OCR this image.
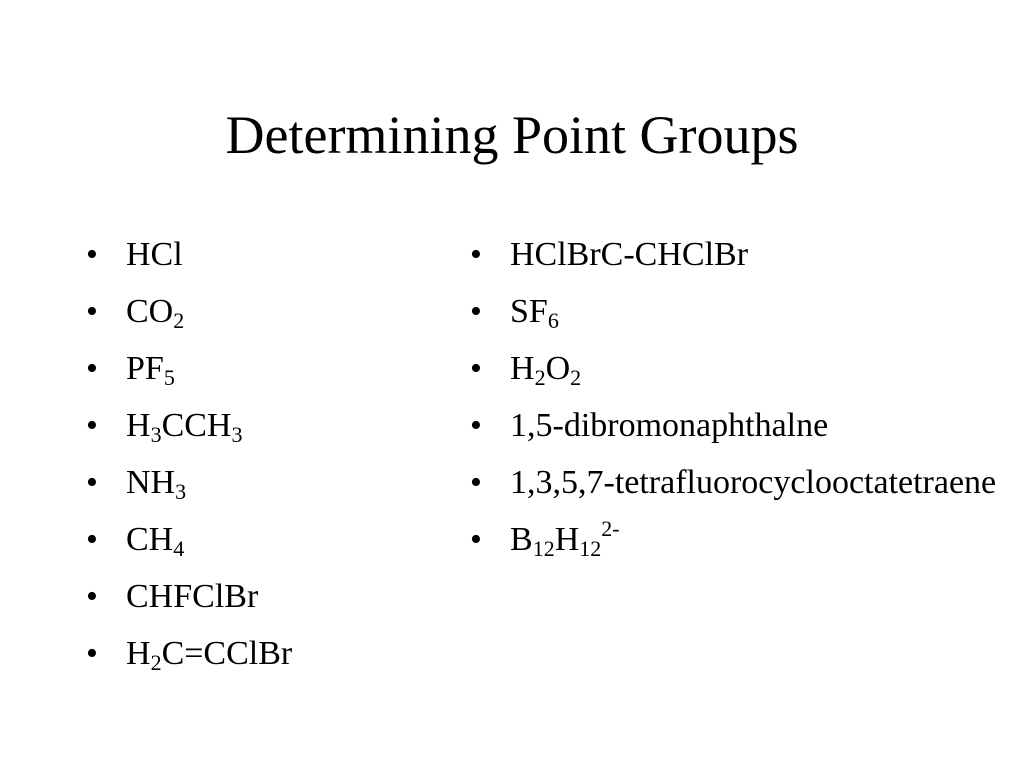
Determining Point Groups
• HCl
• $CO_2$
• $PF_5$
• $H_3CCH_3$
• $NH_3$
• $CH_4$
• CHFClBr
• $H_2C=CClBr$
• HClBrC-CHClBr
• $SF_6$
• $H_2O_2$
• 1,5-dibromonaphthalne
• 1,3,5,7-tetrafluorocyclooctatetraene
• $B_{12}H_{12}^{2-}$
